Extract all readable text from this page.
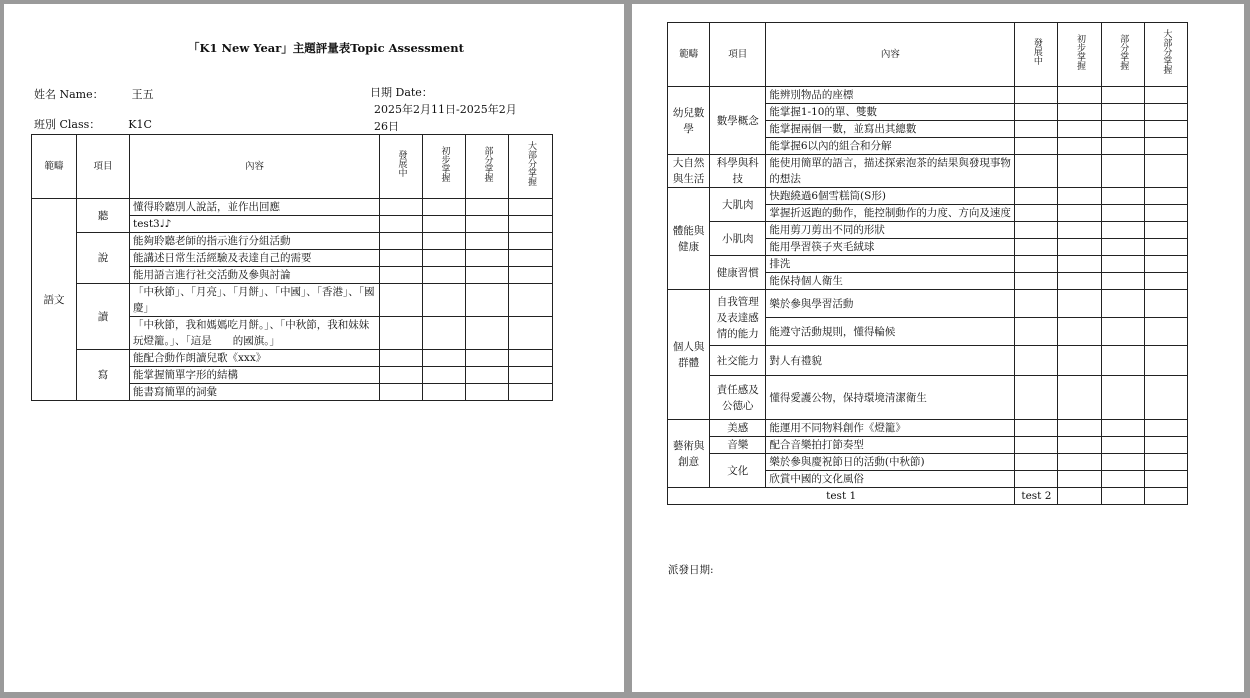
「K1 New Year」主題評量表Topic Assessment
姓名 Name：	王五	日期 Date：2025年2月11日-2025年2月26日
班別 Class：	K1C
範疇	項目	內容	發展中	初步掌握	部分掌握	大部分掌握
語文	聽	懂得聆聽別人說話，並作出回應				
		test3♩♪				
	說	能夠聆聽老師的指示進行分組活動				
		能講述日常生活經驗及表達自己的需要				
		能用語言進行社交活動及參與討論				
	讀	「中秋節」、「月亮」、「月餅」、「中國」、「香港」、「國慶」				
		「中秋節，我和媽媽吃月餅。」、「中秋節，我和妹妹玩燈籠。」、「這是　　的國旗。」				
	寫	能配合動作朗讀兒歌《xxx》				
		能掌握簡單字形的結構				
		能書寫簡單的詞彙				
範疇	項目	內容	發展中	初步掌握	部分掌握	大部分掌握
幼兒數學	數學概念	能辨別物品的座標				
		能掌握1-10的單、雙數				
		能掌握兩個一數，並寫出其總數				
		能掌握6以內的組合和分解				
大自然與生活	科學與科技	能使用簡單的語言，描述探索泡茶的結果與發現事物的想法				
體能與健康	大肌肉	快跑繞過6個雪糕筒(S形)				
		掌握折返跑的動作，能控制動作的力度、方向及速度				
	小肌肉	能用剪刀剪出不同的形狀				
		能用學習筷子夾毛絨球				
	健康習慣	排洗				
		能保持個人衛生				
個人與群體	自我管理及表達感情的能力	樂於參與學習活動				
		能遵守活動規則，懂得輪候				
	社交能力	對人有禮貌				
	責任感及公德心	懂得愛護公物，保持環境清潔衛生				
藝術與創意	美感	能運用不同物料創作《燈籠》				
	音樂	配合音樂拍打節奏型				
	文化	樂於參與慶祝節日的活動(中秋節)				
		欣賞中國的文化風俗				
test 1			test 2			
派發日期:
